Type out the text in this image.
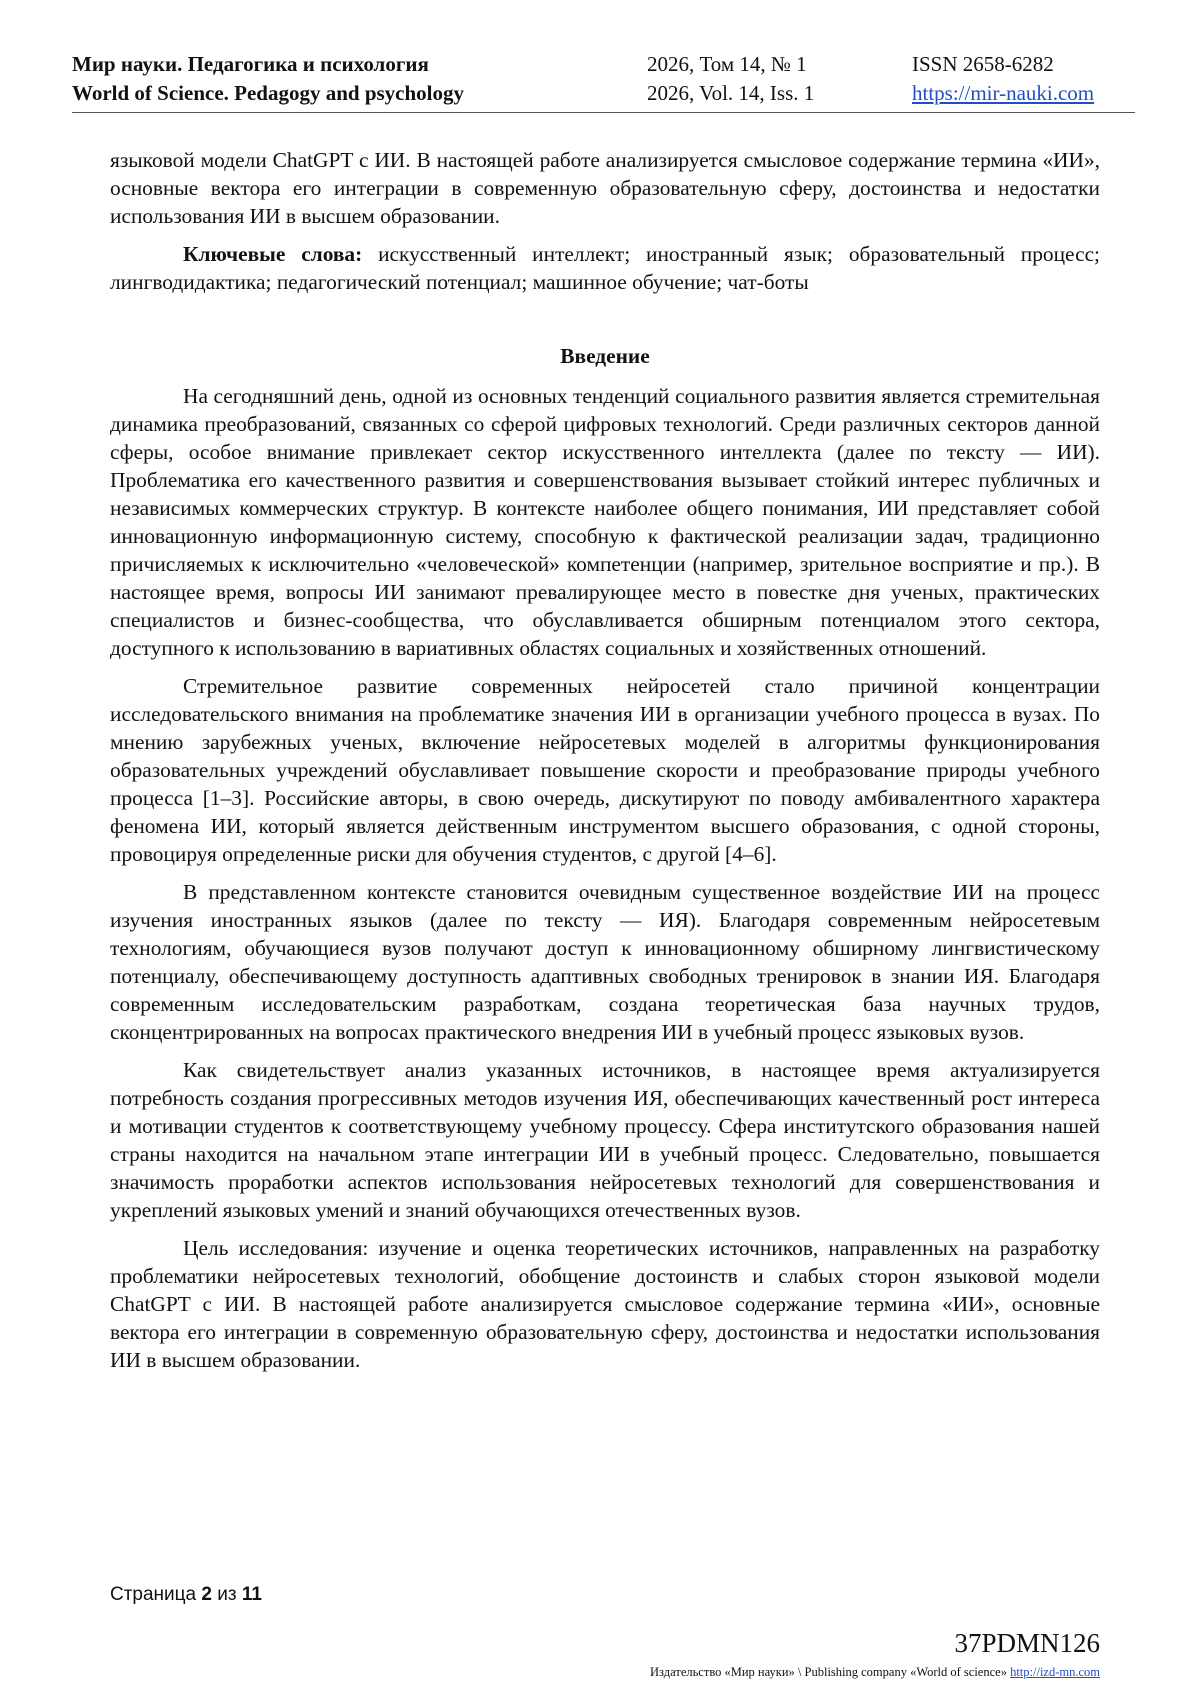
Мир науки. Педагогика и психология
World of Science. Pedagogy and psychology
2026, Том 14, № 1
2026, Vol. 14, Iss. 1
ISSN 2658-6282
https://mir-nauki.com

языковой модели ChatGPT с ИИ. В настоящей работе анализируется смысловое содержание термина «ИИ», основные вектора его интеграции в современную образовательную сферу, достоинства и недостатки использования ИИ в высшем образовании.

Ключевые слова: искусственный интеллект; иностранный язык; образовательный процесс; лингводидактика; педагогический потенциал; машинное обучение; чат-боты

Введение

На сегодняшний день, одной из основных тенденций социального развития является стремительная динамика преобразований, связанных со сферой цифровых технологий. Среди различных секторов данной сферы, особое внимание привлекает сектор искусственного интеллекта (далее по тексту — ИИ). Проблематика его качественного развития и совершенствования вызывает стойкий интерес публичных и независимых коммерческих структур. В контексте наиболее общего понимания, ИИ представляет собой инновационную информационную систему, способную к фактической реализации задач, традиционно причисляемых к исключительно «человеческой» компетенции (например, зрительное восприятие и пр.). В настоящее время, вопросы ИИ занимают превалирующее место в повестке дня ученых, практических специалистов и бизнес-сообщества, что обуславливается обширным потенциалом этого сектора, доступного к использованию в вариативных областях социальных и хозяйственных отношений.

Стремительное развитие современных нейросетей стало причиной концентрации исследовательского внимания на проблематике значения ИИ в организации учебного процесса в вузах. По мнению зарубежных ученых, включение нейросетевых моделей в алгоритмы функционирования образовательных учреждений обуславливает повышение скорости и преобразование природы учебного процесса [1–3]. Российские авторы, в свою очередь, дискутируют по поводу амбивалентного характера феномена ИИ, который является действенным инструментом высшего образования, с одной стороны, провоцируя определенные риски для обучения студентов, с другой [4–6].

В представленном контексте становится очевидным существенное воздействие ИИ на процесс изучения иностранных языков (далее по тексту — ИЯ). Благодаря современным нейросетевым технологиям, обучающиеся вузов получают доступ к инновационному обширному лингвистическому потенциалу, обеспечивающему доступность адаптивных свободных тренировок в знании ИЯ. Благодаря современным исследовательским разработкам, создана теоретическая база научных трудов, сконцентрированных на вопросах практического внедрения ИИ в учебный процесс языковых вузов.

Как свидетельствует анализ указанных источников, в настоящее время актуализируется потребность создания прогрессивных методов изучения ИЯ, обеспечивающих качественный рост интереса и мотивации студентов к соответствующему учебному процессу. Сфера институтского образования нашей страны находится на начальном этапе интеграции ИИ в учебный процесс. Следовательно, повышается значимость проработки аспектов использования нейросетевых технологий для совершенствования и укреплений языковых умений и знаний обучающихся отечественных вузов.

Цель исследования: изучение и оценка теоретических источников, направленных на разработку проблематики нейросетевых технологий, обобщение достоинств и слабых сторон языковой модели ChatGPT с ИИ. В настоящей работе анализируется смысловое содержание термина «ИИ», основные вектора его интеграции в современную образовательную сферу, достоинства и недостатки использования ИИ в высшем образовании.

Страница 2 из 11
37PDMN126
Издательство «Мир науки» \ Publishing company «World of science» http://izd-mn.com
